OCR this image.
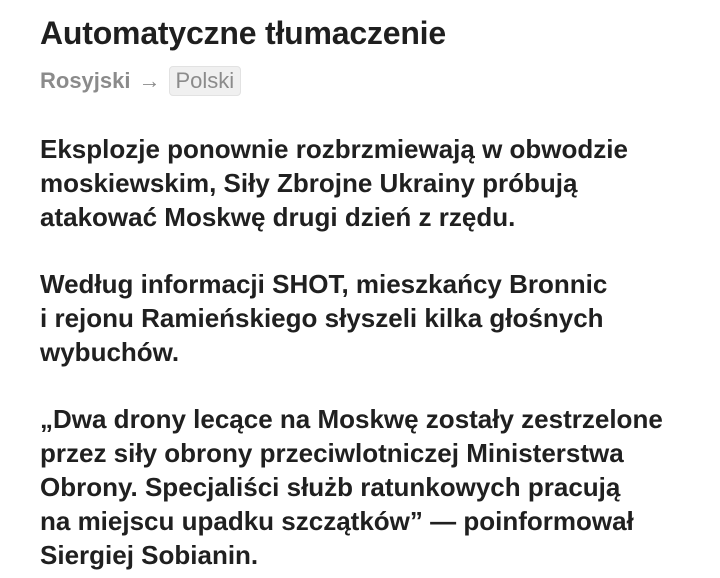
Automatyczne tłumaczenie
Rosyjski → Polski

Eksplozje ponownie rozbrzmiewają w obwodzie
moskiewskim, Siły Zbrojne Ukrainy próbują
atakować Moskwę drugi dzień z rzędu.

Według informacji SHOT, mieszkańcy Bronnic
i rejonu Ramieńskiego słyszeli kilka głośnych
wybuchów.

„Dwa drony lecące na Moskwę zostały zestrzelone
przez siły obrony przeciwlotniczej Ministerstwa
Obrony. Specjaliści służb ratunkowych pracują
na miejscu upadku szczątków” — poinformował
Siergiej Sobianin.
